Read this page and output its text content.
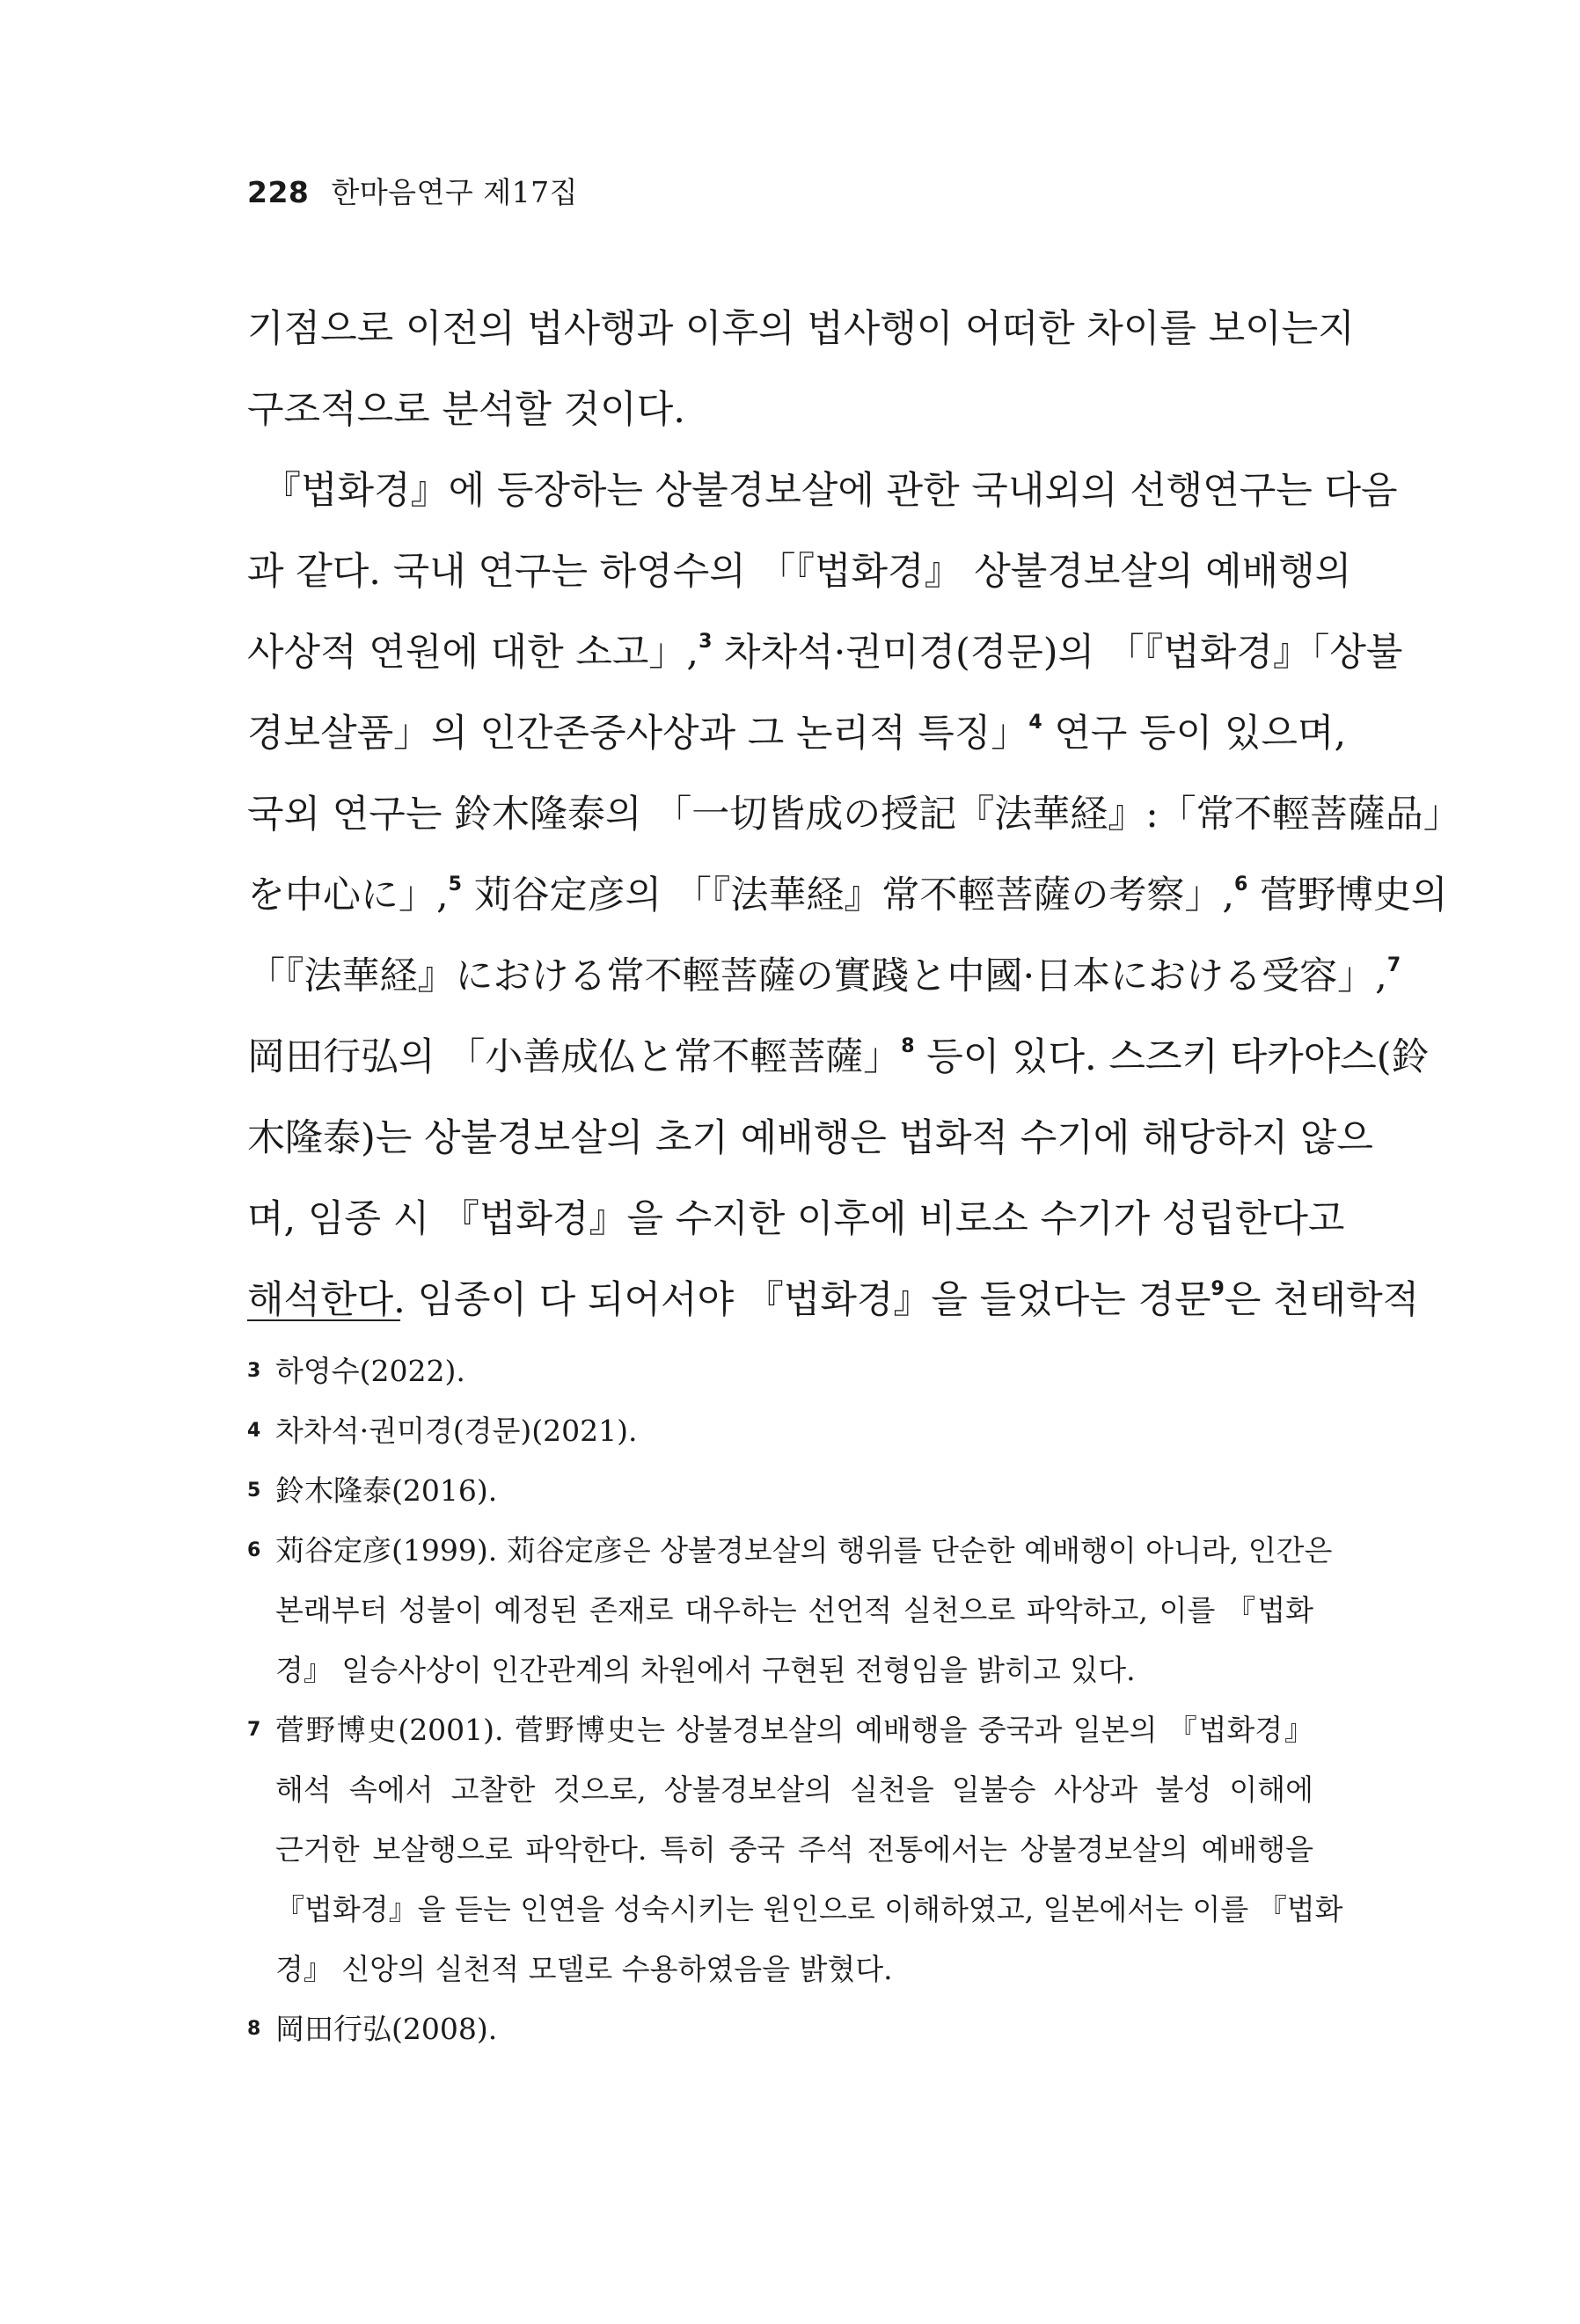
228 한마음연구 제17집
기점으로 이전의 법사행과 이후의 법사행이 어떠한 차이를 보이는지
구조적으로 분석할 것이다.
『법화경』에 등장하는 상불경보살에 관한 국내외의 선행연구는 다음
과 같다. 국내 연구는 하영수의 「『법화경』 상불경보살의 예배행의
사상적 연원에 대한 소고」,$^3$ 차차석·권미경(경문)의 「『법화경』「상불
경보살품」의 인간존중사상과 그 논리적 특징」$^4$ 연구 등이 있으며,
국외 연구는 鈴木隆泰의 「一切皆成の授記『法華経』:「常不輕菩薩品」
を中心に」,$^5$ 苅谷定彦의 「『法華経』常不輕菩薩の考察」,$^6$ 菅野博史의
「『法華経』における常不輕菩薩の實踐と中國·日本における受容」,$^7$
岡田行弘의 「小善成仏と常不輕菩薩」$^8$ 등이 있다. 스즈키 타카야스(鈴
木隆泰)는 상불경보살의 초기 예배행은 법화적 수기에 해당하지 않으
며, 임종 시 『법화경』을 수지한 이후에 비로소 수기가 성립한다고
해석한다. 임종이 다 되어서야 『법화경』을 들었다는 경문$^9$은 천태학적
3 하영수(2022).
4 차차석·권미경(경문)(2021).
5 鈴木隆泰(2016).
6 苅谷定彦(1999). 苅谷定彦은 상불경보살의 행위를 단순한 예배행이 아니라, 인간은
본래부터 성불이 예정된 존재로 대우하는 선언적 실천으로 파악하고, 이를 『법화
경』 일승사상이 인간관계의 차원에서 구현된 전형임을 밝히고 있다.
7 菅野博史(2001). 菅野博史는 상불경보살의 예배행을 중국과 일본의 『법화경』
해석 속에서 고찰한 것으로, 상불경보살의 실천을 일불승 사상과 불성 이해에
근거한 보살행으로 파악한다. 특히 중국 주석 전통에서는 상불경보살의 예배행을
『법화경』을 듣는 인연을 성숙시키는 원인으로 이해하였고, 일본에서는 이를 『법화
경』 신앙의 실천적 모델로 수용하였음을 밝혔다.
8 岡田行弘(2008).
